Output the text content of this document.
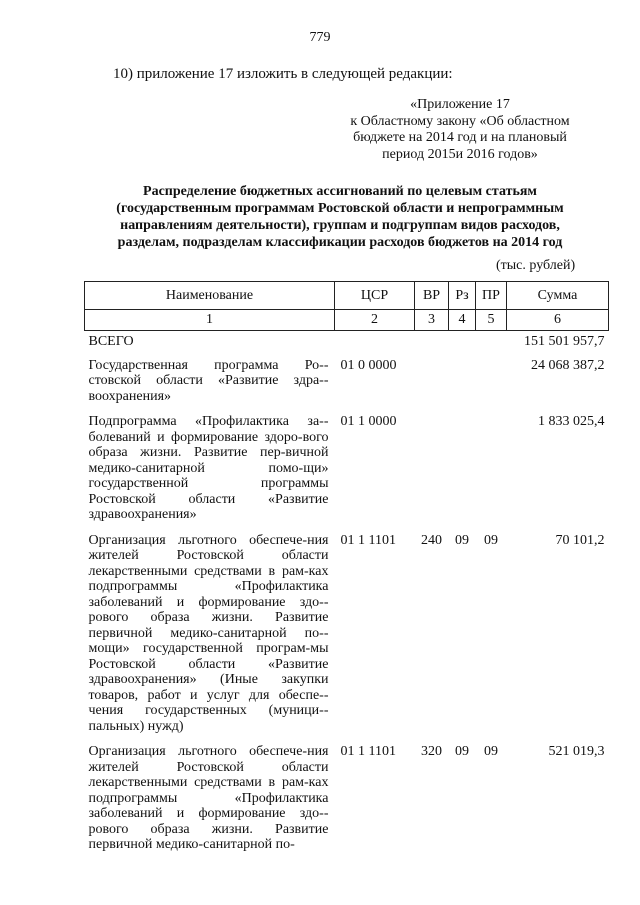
779
10) приложение 17 изложить в следующей редакции:
«Приложение 17
к Областному закону «Об областном
бюджете на 2014 год и на плановый
период 2015и 2016 годов»
Распределение бюджетных ассигнований по целевым статьям
(государственным программам Ростовской области и непрограммным
направлениям деятельности), группам и подгруппам видов расходов,
разделам, подразделам классификации расходов бюджетов на 2014 год
(тыс. рублей)
Наименование	ЦСР	ВР	Рз	ПР	Сумма
1	2	3	4	5	6
ВСЕГО					151 501 957,7
Государственная программа Ро-стовской области «Развитие здра-воохранения»	01 0 0000				24 068 387,2
Подпрограмма «Профилактика за-болеваний и формирование здоро-вого образа жизни. Развитие пер-вичной медико-санитарной помо-щи» государственной программы Ростовской области «Развитие здравоохранения»	01 1 0000				1 833 025,4
Организация льготного обеспече-ния жителей Ростовской области лекарственными средствами в рам-ках подпрограммы «Профилактика заболеваний и формирование здо-рового образа жизни. Развитие первичной медико-санитарной по-мощи» государственной програм-мы Ростовской области «Развитие здравоохранения» (Иные закупки товаров, работ и услуг для обеспе-чения государственных (муници-пальных) нужд)	01 1 1101	240	09	09	70 101,2
Организация льготного обеспече-ния жителей Ростовской области лекарственными средствами в рам-ках подпрограммы «Профилактика заболеваний и формирование здо-рового образа жизни. Развитие первичной медико-санитарной по-	01 1 1101	320	09	09	521 019,3
